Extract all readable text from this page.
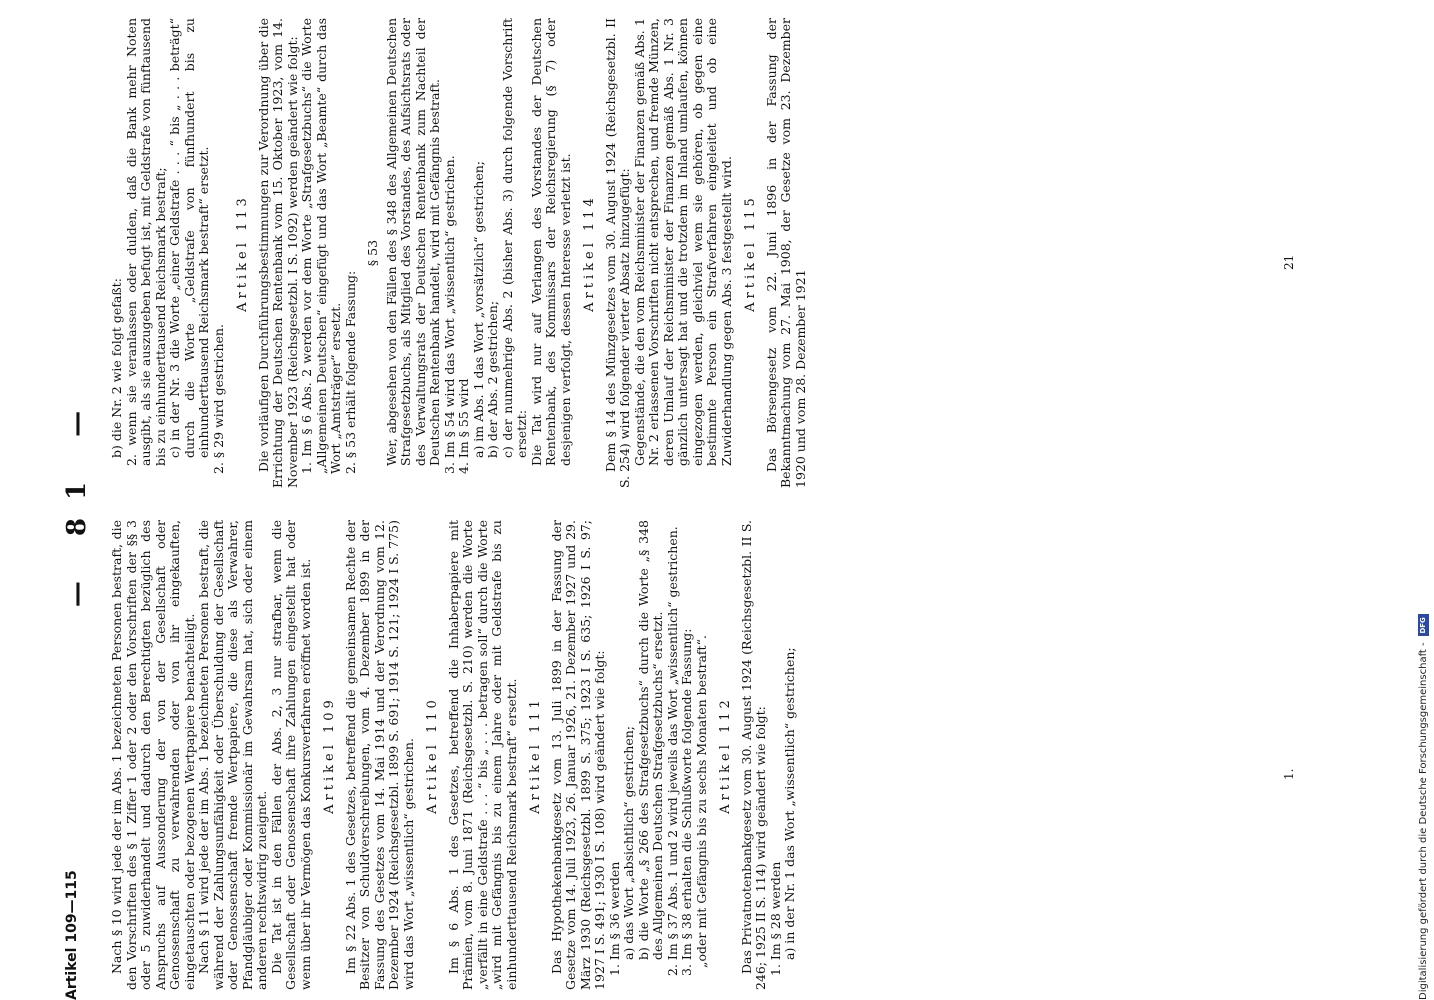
Artikel 109—115
— 81 —

Nach § 10 wird jede der im Abs. 1 bezeichneten Personen bestraft, die den Vorschriften des § 1 Ziffer 1 oder 2 oder den Vorschriften der §§ 3 oder 5 zuwiderhandelt und dadurch den Berechtigten bezüglich des Anspruchs auf Aussonderung der von der Gesellschaft oder Genossenschaft zu verwahrenden oder von ihr eingekauften, eingetauschten oder bezogenen Wertpapiere benachteiligt. Nach § 11 wird jede der im Abs. 1 bezeichneten Personen bestraft, die während der Zahlungsunfähigkeit oder Überschuldung der Gesellschaft oder Genossenschaft fremde Wertpapiere, die diese als Verwahrer, Pfandgläubiger oder Kommissionär im Gewahrsam hat, sich oder einem anderen rechtswidrig zueignet. Die Tat ist in den Fällen der Abs. 2, 3 nur strafbar, wenn die Gesellschaft oder Genossenschaft ihre Zahlungen eingestellt hat oder wenn über ihr Vermögen das Konkursverfahren eröffnet worden ist. Artikel 109 Im § 22 Abs. 1 des Gesetzes, betreffend die gemeinsamen Rechte der Besitzer von Schuldverschreibungen, vom 4. Dezember 1899 in der Fassung des Gesetzes vom 14. Mai 1914 und der Verordnung vom 12. Dezember 1924 (Reichsgesetzbl. 1899 S. 691; 1914 S. 121; 1924 I S. 775) wird das Wort „wissentlich“ gestrichen. Artikel 110 Im § 6 Abs. 1 des Gesetzes, betreffend die Inhaberpapiere mit Prämien, vom 8. Juni 1871 (Reichsgesetzbl. S. 210) werden die Worte „verfällt in eine Geldstrafe . . . “ bis „ . . . betragen soll“ durch die Worte „wird mit Gefängnis bis zu einem Jahre oder mit Geldstrafe bis zu einhunderttausend Reichsmark bestraft“ ersetzt. Artikel 111 Das Hypothekenbankgesetz vom 13. Juli 1899 in der Fassung der Gesetze vom 14. Juli 1923, 26. Januar 1926, 21. Dezember 1927 und 29. März 1930 (Reichsgesetzbl. 1899 S. 375; 1923 I S. 635; 1926 I S. 97; 1927 I S. 491; 1930 I S. 108) wird geändert wie folgt: 1. Im § 36 werden a) das Wort „absichtlich“ gestrichen; b) die Worte „§ 266 des Strafgesetzbuchs“ durch die Worte „§ 348 des Allgemeinen Deutschen Strafgesetzbuchs“ ersetzt. 2. Im § 37 Abs. 1 und 2 wird jeweils das Wort „wissentlich“ gestrichen. 3. Im § 38 erhalten die Schlußworte folgende Fassung: „oder mit Gefängnis bis zu sechs Monaten bestraft“. Artikel 112 Das Privatnotenbankgesetz vom 30. August 1924 (Reichsgesetzbl. II S. 246; 1925 II S. 114) wird geändert wie folgt: 1. Im § 28 werden a) in der Nr. 1 das Wort „wissentlich“ gestrichen;

b) die Nr. 2 wie folgt gefaßt: 2. wenn sie veranlassen oder dulden, daß die Bank mehr Noten ausgibt, als sie auszugeben befugt ist, mit Geldstrafe von fünftausend bis zu einhunderttausend Reichsmark bestraft; c) in der Nr. 3 die Worte „einer Geldstrafe . . . “ bis „ . . . beträgt“ durch die Worte „Geldstrafe von fünfhundert bis zu einhunderttausend Reichsmark bestraft“ ersetzt. 2. § 29 wird gestrichen.

Artikel 113 Die vorläufigen Durchführungsbestimmungen zur Verordnung über die Errichtung der Deutschen Rentenbank vom 15. Oktober 1923, vom 14. November 1923 (Reichsgesetzbl. I S. 1092) werden geändert wie folgt: 1. Im § 6 Abs. 2 werden vor dem Worte „Strafgesetzbuchs“ die Worte „Allgemeinen Deutschen“ eingefügt und das Wort „Beamte“ durch das Wort „Amtsträger“ ersetzt. 2. § 53 erhält folgende Fassung:

§ 53 Wer, abgesehen von den Fällen des § 348 des Allgemeinen Deutschen Strafgesetzbuchs, als Mitglied des Vorstandes, des Aufsichtsrats oder des Verwaltungsrats der Deutschen Rentenbank zum Nachteil der Deutschen Rentenbank handelt, wird mit Gefängnis bestraft. 3. Im § 54 wird das Wort „wissentlich“ gestrichen. 4. Im § 55 wird a) im Abs. 1 das Wort „vorsätzlich“ gestrichen; b) der Abs. 2 gestrichen; c) der nunmehrige Abs. 2 (bisher Abs. 3) durch folgende Vorschrift ersetzt: Die Tat wird nur auf Verlangen des Vorstandes der Deutschen Rentenbank, des Kommissars der Reichsregierung (§ 7) oder desjenigen verfolgt, dessen Interesse verletzt ist. Artikel 114 Dem § 14 des Münzgesetzes vom 30. August 1924 (Reichsgesetzbl. II S. 254) wird folgender vierter Absatz hinzugefügt: Gegenstände, die den vom Reichsminister der Finanzen gemäß Abs. 1 Nr. 2 erlassenen Vorschriften nicht entsprechen, und fremde Münzen, deren Umlauf der Reichsminister der Finanzen gemäß Abs. 1 Nr. 3 gänzlich untersagt hat und die trotzdem im Inland umlaufen, können eingezogen werden, gleichviel wem sie gehören, ob gegen eine bestimmte Person ein Strafverfahren eingeleitet und ob eine Zuwiderhandlung gegen Abs. 3 festgestellt wird. Artikel 115 Das Börsengesetz vom 22. Juni 1896 in der Fassung der Bekanntmachung vom 27. Mai 1908, der Gesetze vom 23. Dezember 1920 und vom 28. Dezember 1921

1.
21
Digitalisierung gefördert durch die Deutsche Forschungsgemeinschaft -
DFG
